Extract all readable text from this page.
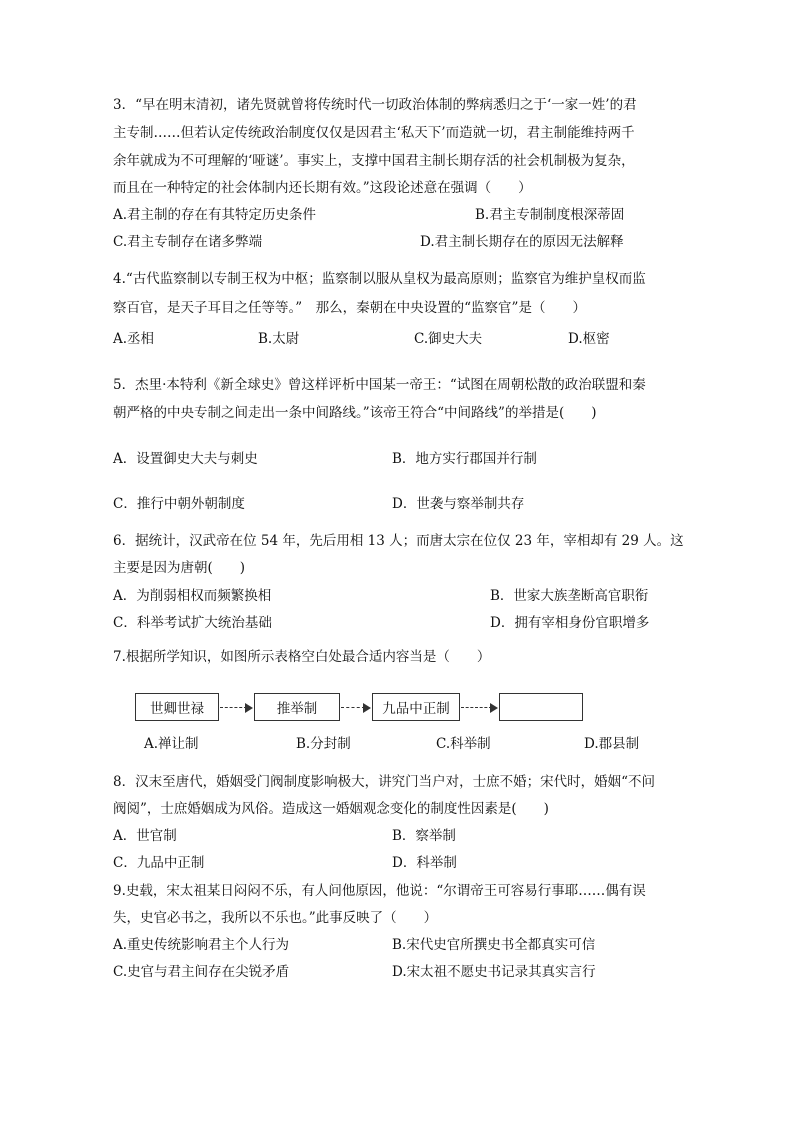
3．“早在明末清初，诸先贤就曾将传统时代一切政治体制的弊病悉归之于‘一家一姓’的君
主专制……但若认定传统政治制度仅仅是因君主‘私天下’而造就一切，君主制能维持两千
余年就成为不可理解的‘哑谜’。事实上，支撑中国君主制长期存活的社会机制极为复杂，
而且在一种特定的社会体制内还长期有效。”这段论述意在强调（　　）
A.君主制的存在有其特定历史条件	B.君主专制制度根深蒂固
C.君主专制存在诸多弊端	D.君主制长期存在的原因无法解释
4.“古代监察制以专制王权为中枢；监察制以服从皇权为最高原则；监察官为维护皇权而监
察百官，是天子耳目之任等等。”　那么，秦朝在中央设置的“监察官”是（　　）
A.丞相	B.太尉	C.御史大夫	D.枢密
5．杰里·本特利《新全球史》曾这样评析中国某一帝王：“试图在周朝松散的政治联盟和秦
朝严格的中央专制之间走出一条中间路线。”该帝王符合“中间路线”的举措是(　　)
A．设置御史大夫与刺史	B．地方实行郡国并行制
C．推行中朝外朝制度	D．世袭与察举制共存
6．据统计，汉武帝在位 54 年，先后用相 13 人；而唐太宗在位仅 23 年，宰相却有 29 人。这
主要是因为唐朝(　　)
A．为削弱相权而频繁换相	B．世家大族垄断高官职衔
C．科举考试扩大统治基础	D．拥有宰相身份官职增多
7.根据所学知识，如图所示表格空白处最合适内容当是（　　）
世卿世禄	推举制	九品中正制
A.禅让制	B.分封制	C.科举制	D.郡县制
8．汉末至唐代，婚姻受门阀制度影响极大，讲究门当户对，士庶不婚；宋代时，婚姻“不问
阀阅”，士庶婚姻成为风俗。造成这一婚姻观念变化的制度性因素是(　　)
A．世官制	B．察举制
C．九品中正制	D．科举制
9.史载，宋太祖某日闷闷不乐，有人问他原因，他说：“尔谓帝王可容易行事耶……偶有误
失，史官必书之，我所以不乐也。”此事反映了（　　）
A.重史传统影响君主个人行为	B.宋代史官所撰史书全都真实可信
C.史官与君主间存在尖锐矛盾	D.宋太祖不愿史书记录其真实言行
